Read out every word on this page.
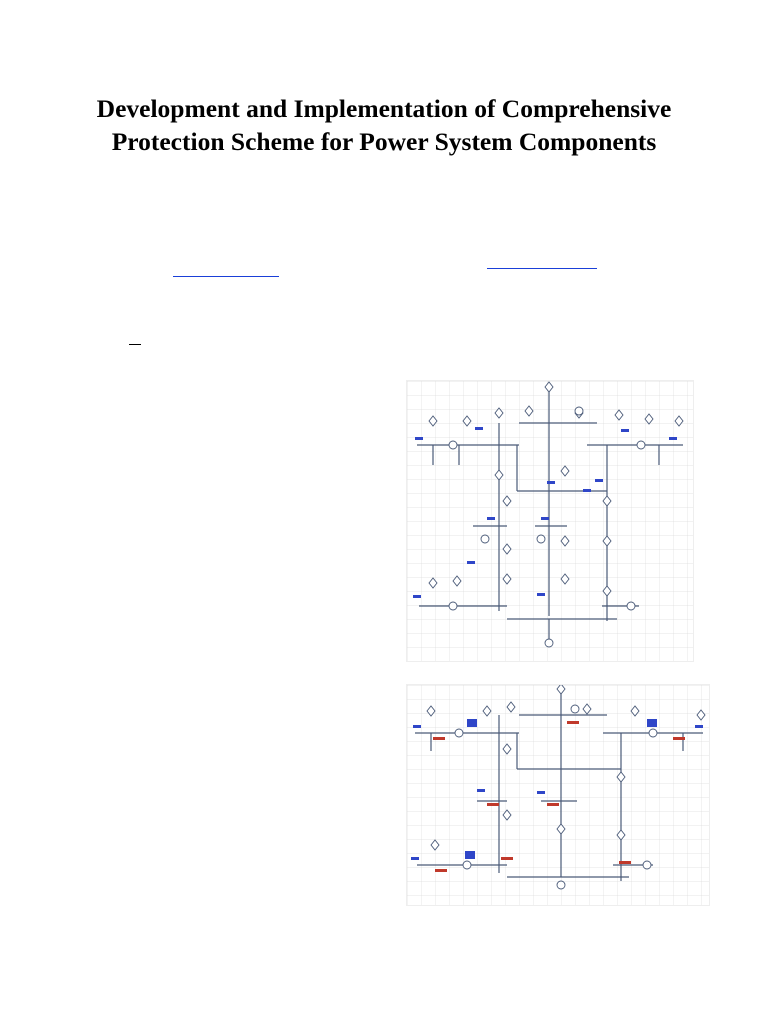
Development and Implementation of Comprehensive
Protection Scheme for Power System Components
